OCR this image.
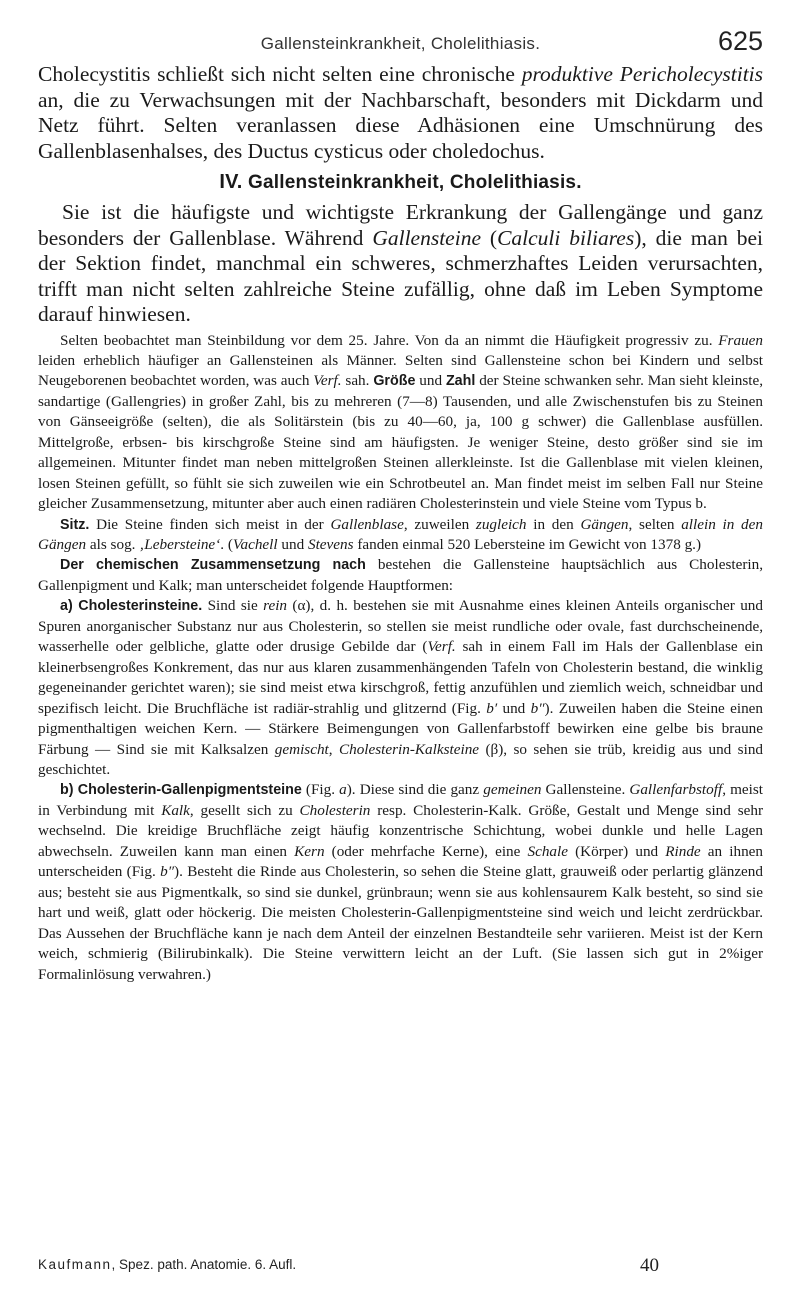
Gallensteinkrankheit, Cholelithiasis.	625

Cholecystitis schließt sich nicht selten eine chronische produktive Pericholecystitis an, die zu Verwachsungen mit der Nachbarschaft, besonders mit Dickdarm und Netz führt. Selten veranlassen diese Adhäsionen eine Umschnürung des Gallenblasenhalses, des Ductus cysticus oder choledochus.

IV. Gallensteinkrankheit, Cholelithiasis.

Sie ist die häufigste und wichtigste Erkrankung der Gallengänge und ganz besonders der Gallenblase. Während Gallensteine (Calculi biliares), die man bei der Sektion findet, manchmal ein schweres, schmerzhaftes Leiden verursachten, trifft man nicht selten zahlreiche Steine zufällig, ohne daß im Leben Symptome darauf hinwiesen.

Selten beobachtet man Steinbildung vor dem 25. Jahre. Von da an nimmt die Häufigkeit progressiv zu. Frauen leiden erheblich häufiger an Gallensteinen als Männer. Selten sind Gallensteine schon bei Kindern und selbst Neugeborenen beobachtet worden, was auch Verf. sah. Größe und Zahl der Steine schwanken sehr. Man sieht kleinste, sandartige (Gallengries) in großer Zahl, bis zu mehreren (7—8) Tausenden, und alle Zwischenstufen bis zu Steinen von Gänseeigröße (selten), die als Solitärstein (bis zu 40—60, ja, 100 g schwer) die Gallenblase ausfüllen. Mittelgroße, erbsen- bis kirschgroße Steine sind am häufigsten. Je weniger Steine, desto größer sind sie im allgemeinen. Mitunter findet man neben mittelgroßen Steinen allerkleinste. Ist die Gallenblase mit vielen kleinen, losen Steinen gefüllt, so fühlt sie sich zuweilen wie ein Schrotbeutel an. Man findet meist im selben Fall nur Steine gleicher Zusammensetzung, mitunter aber auch einen radiären Cholesterinstein und viele Steine vom Typus b.

Sitz. Die Steine finden sich meist in der Gallenblase, zuweilen zugleich in den Gängen, selten allein in den Gängen als sog. ‚Lebersteine‘. (Vachell und Stevens fanden einmal 520 Lebersteine im Gewicht von 1378 g.)

Der chemischen Zusammensetzung nach bestehen die Gallensteine hauptsächlich aus Cholesterin, Gallenpigment und Kalk; man unterscheidet folgende Hauptformen:

a) Cholesterinsteine. Sind sie rein (α), d. h. bestehen sie mit Ausnahme eines kleinen Anteils organischer und Spuren anorganischer Substanz nur aus Cholesterin, so stellen sie meist rundliche oder ovale, fast durchscheinende, wasserhelle oder gelbliche, glatte oder drusige Gebilde dar (Verf. sah in einem Fall im Hals der Gallenblase ein kleinerbsengroßes Konkrement, das nur aus klaren zusammenhängenden Tafeln von Cholesterin bestand, die winklig gegeneinander gerichtet waren); sie sind meist etwa kirschgroß, fettig anzufühlen und ziemlich weich, schneidbar und spezifisch leicht. Die Bruchfläche ist radiär-strahlig und glitzernd (Fig. b′ und b″). Zuweilen haben die Steine einen pigmenthaltigen weichen Kern. — Stärkere Beimengungen von Gallenfarbstoff bewirken eine gelbe bis braune Färbung — Sind sie mit Kalksalzen gemischt, Cholesterin-Kalksteine (β), so sehen sie trüb, kreidig aus und sind geschichtet.

b) Cholesterin-Gallenpigmentsteine (Fig. a). Diese sind die ganz gemeinen Gallensteine. Gallenfarbstoff, meist in Verbindung mit Kalk, gesellt sich zu Cholesterin resp. Cholesterin-Kalk. Größe, Gestalt und Menge sind sehr wechselnd. Die kreidige Bruchfläche zeigt häufig konzentrische Schichtung, wobei dunkle und helle Lagen abwechseln. Zuweilen kann man einen Kern (oder mehrfache Kerne), eine Schale (Körper) und Rinde an ihnen unterscheiden (Fig. b″). Besteht die Rinde aus Cholesterin, so sehen die Steine glatt, grauweiß oder perlartig glänzend aus; besteht sie aus Pigmentkalk, so sind sie dunkel, grünbraun; wenn sie aus kohlensaurem Kalk besteht, so sind sie hart und weiß, glatt oder höckerig. Die meisten Cholesterin-Gallenpigmentsteine sind weich und leicht zerdrückbar. Das Aussehen der Bruchfläche kann je nach dem Anteil der einzelnen Bestandteile sehr variieren. Meist ist der Kern weich, schmierig (Bilirubinkalk). Die Steine verwittern leicht an der Luft. (Sie lassen sich gut in 2%iger Formalinlösung verwahren.)

Kaufmann, Spez. path. Anatomie. 6. Aufl.	40
